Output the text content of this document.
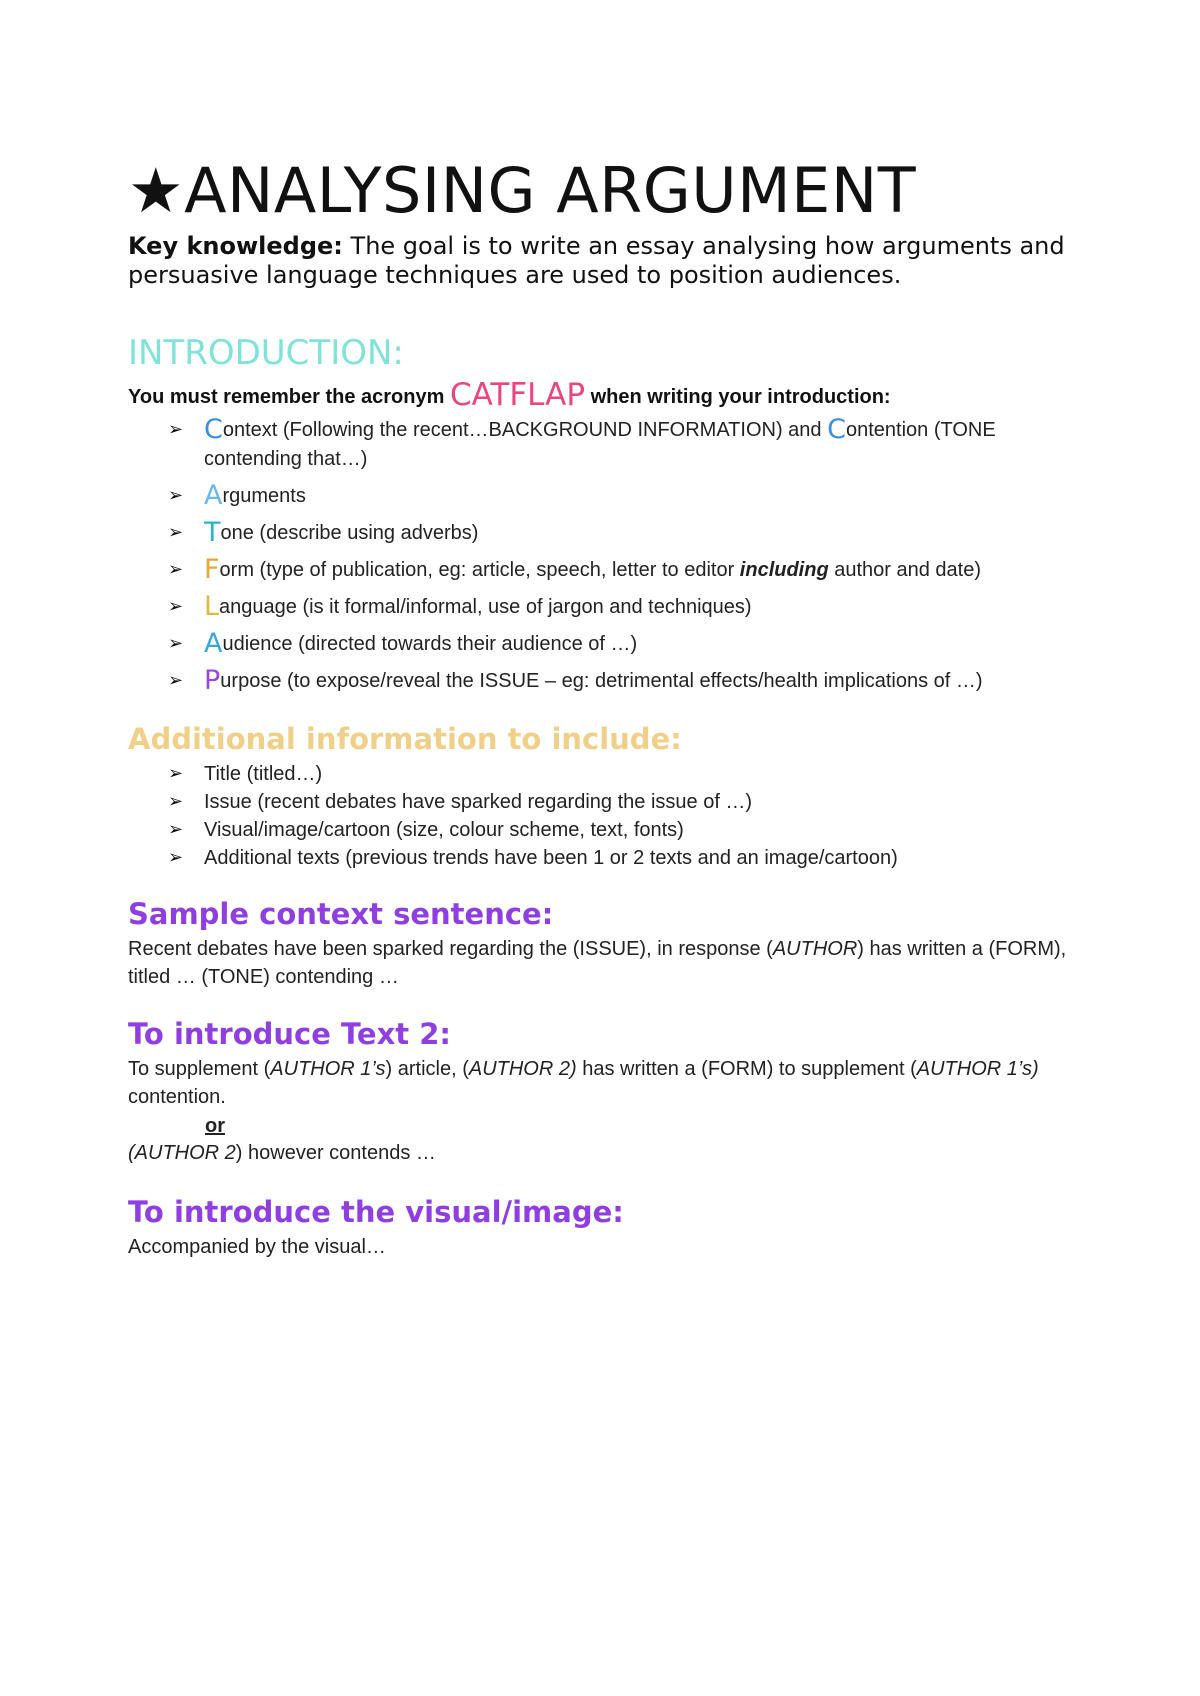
★ANALYSING ARGUMENT
Key knowledge: The goal is to write an essay analysing how arguments and persuasive language techniques are used to position audiences.
INTRODUCTION:
You must remember the acronym CATFLAP when writing your introduction:
➢ Context (Following the recent…BACKGROUND INFORMATION) and Contention (TONE contending that…)
➢ Arguments
➢ Tone (describe using adverbs)
➢ Form (type of publication, eg: article, speech, letter to editor including author and date)
➢ Language (is it formal/informal, use of jargon and techniques)
➢ Audience (directed towards their audience of …)
➢ Purpose (to expose/reveal the ISSUE – eg: detrimental effects/health implications of …)
Additional information to include:
➢ Title (titled…)
➢ Issue (recent debates have sparked regarding the issue of …)
➢ Visual/image/cartoon (size, colour scheme, text, fonts)
➢ Additional texts (previous trends have been 1 or 2 texts and an image/cartoon)
Sample context sentence:
Recent debates have been sparked regarding the (ISSUE), in response (AUTHOR) has written a (FORM), titled … (TONE) contending …
To introduce Text 2:
To supplement (AUTHOR 1’s) article, (AUTHOR 2) has written a (FORM) to supplement (AUTHOR 1’s) contention.
or
(AUTHOR 2) however contends …
To introduce the visual/image:
Accompanied by the visual…
